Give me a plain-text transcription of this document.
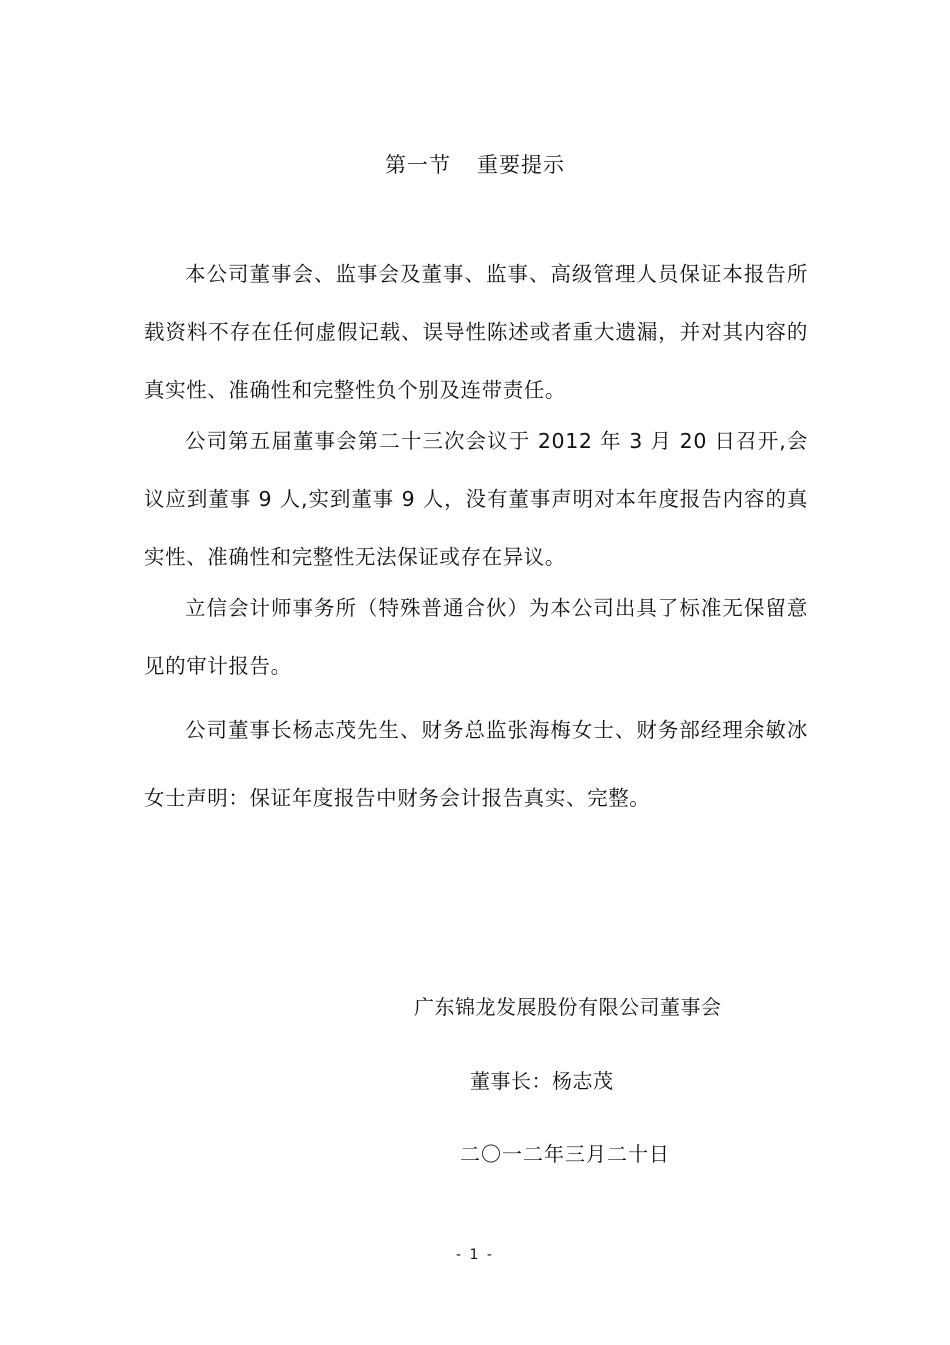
第一节 重要提示

本公司董事会、监事会及董事、监事、高级管理人员保证本报告所载资料不存在任何虚假记载、误导性陈述或者重大遗漏，并对其内容的真实性、准确性和完整性负个别及连带责任。

公司第五届董事会第二十三次会议于 2012 年 3 月 20 日召开,会议应到董事 9 人,实到董事 9 人，没有董事声明对本年度报告内容的真实性、准确性和完整性无法保证或存在异议。

立信会计师事务所（特殊普通合伙）为本公司出具了标准无保留意见的审计报告。

公司董事长杨志茂先生、财务总监张海梅女士、财务部经理余敏冰女士声明：保证年度报告中财务会计报告真实、完整。

广东锦龙发展股份有限公司董事会
董事长：杨志茂
二〇一二年三月二十日
- 1 -
